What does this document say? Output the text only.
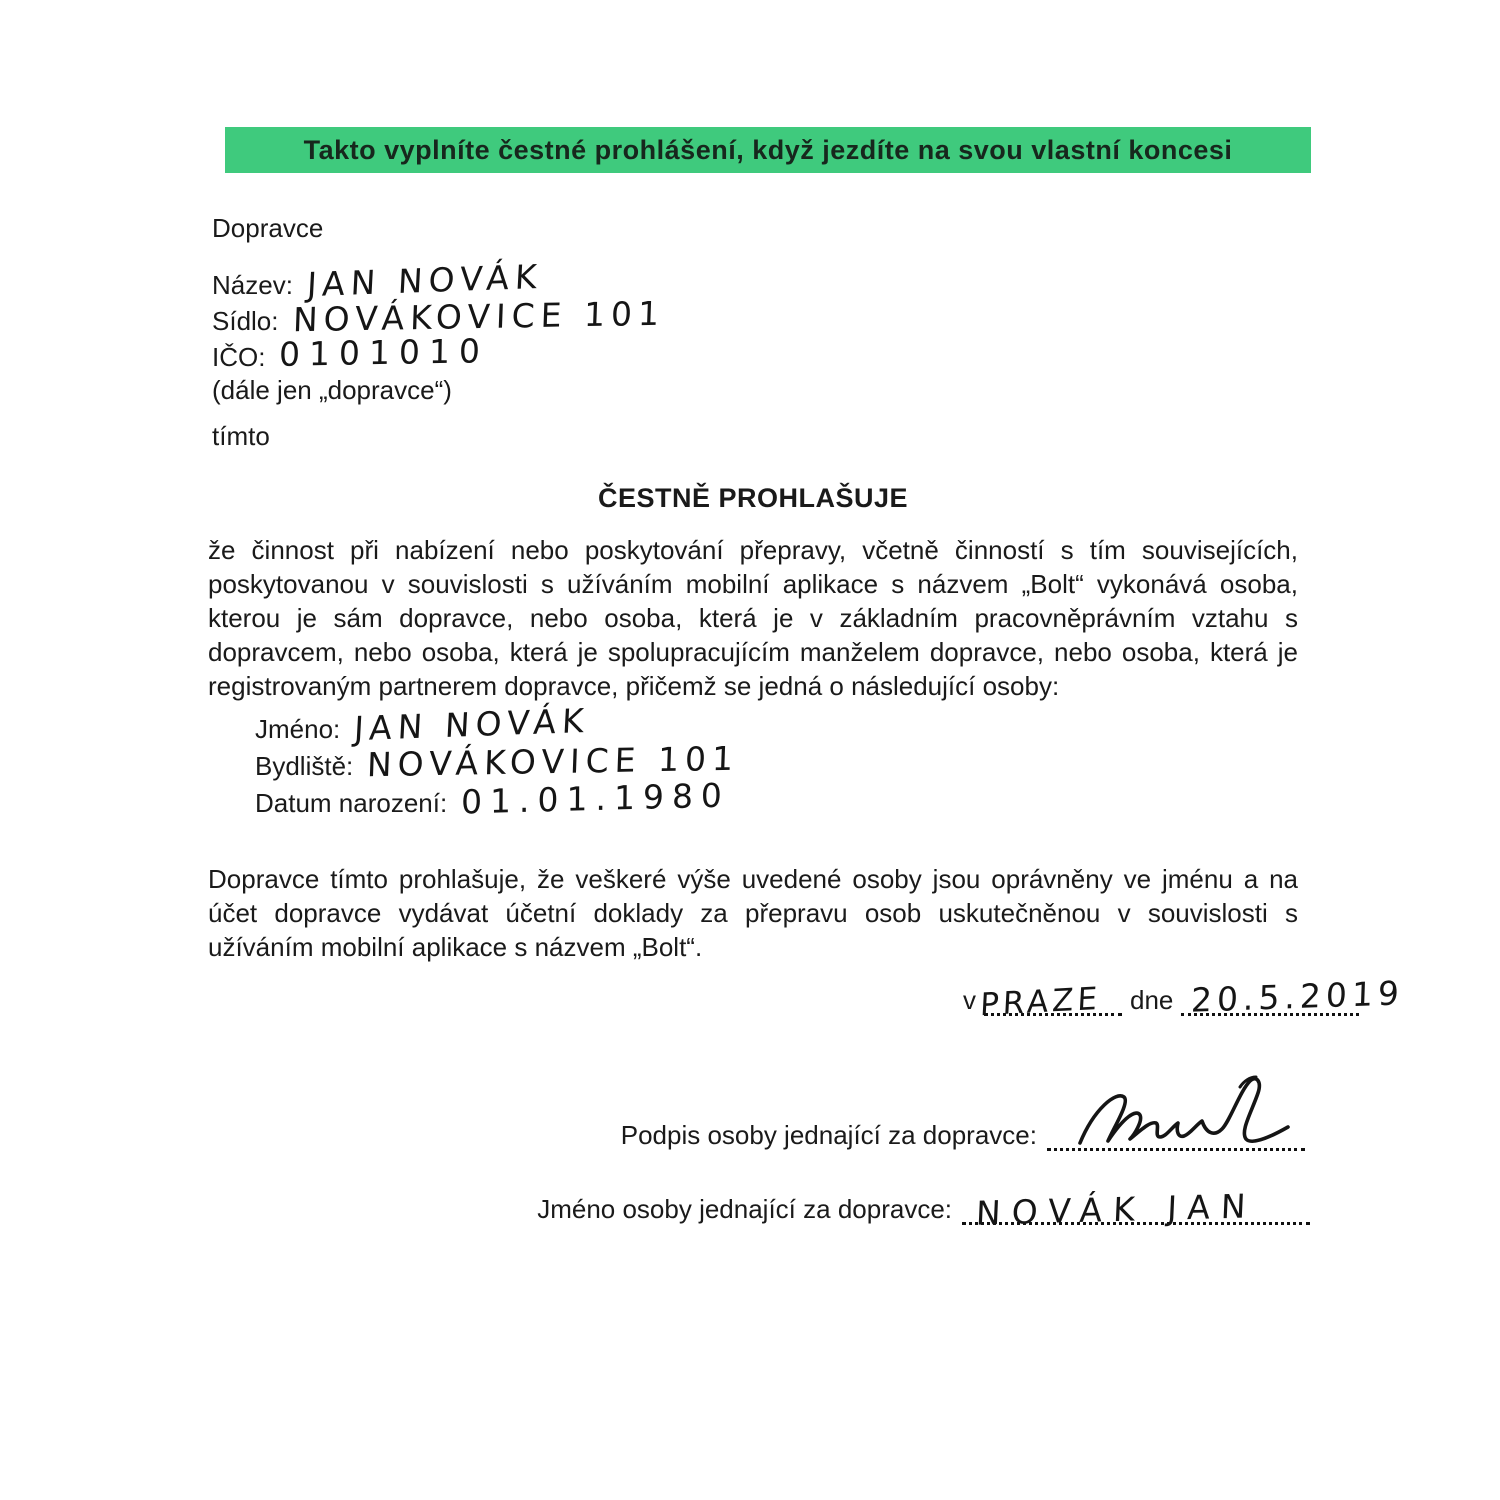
Takto vyplníte čestné prohlášení, když jezdíte na svou vlastní koncesi
Dopravce
Název: JAN NOVÁK
Sídlo: NOVÁKOVICE 101
IČO: 0101010
(dále jen „dopravce“)
tímto
ČESTNĚ PROHLAŠUJE
že činnost při nabízení nebo poskytování přepravy, včetně činností s tím souvisejících, poskytovanou v souvislosti s užíváním mobilní aplikace s názvem „Bolt“ vykonává osoba, kterou je sám dopravce, nebo osoba, která je v základním pracovněprávním vztahu s dopravcem, nebo osoba, která je spolupracujícím manželem dopravce, nebo osoba, která je registrovaným partnerem dopravce, přičemž se jedná o následující osoby:
Jméno: JAN NOVÁK
Bydliště: NOVÁKOVICE 101
Datum narození: 01.01.1980
Dopravce tímto prohlašuje, že veškeré výše uvedené osoby jsou oprávněny ve jménu a na účet dopravce vydávat účetní doklady za přepravu osob uskutečněnou v souvislosti s užíváním mobilní aplikace s názvem „Bolt“.
v PRAZE dne 20.5.2019
Podpis osoby jednající za dopravce:
Jméno osoby jednající za dopravce: NOVÁK JAN
